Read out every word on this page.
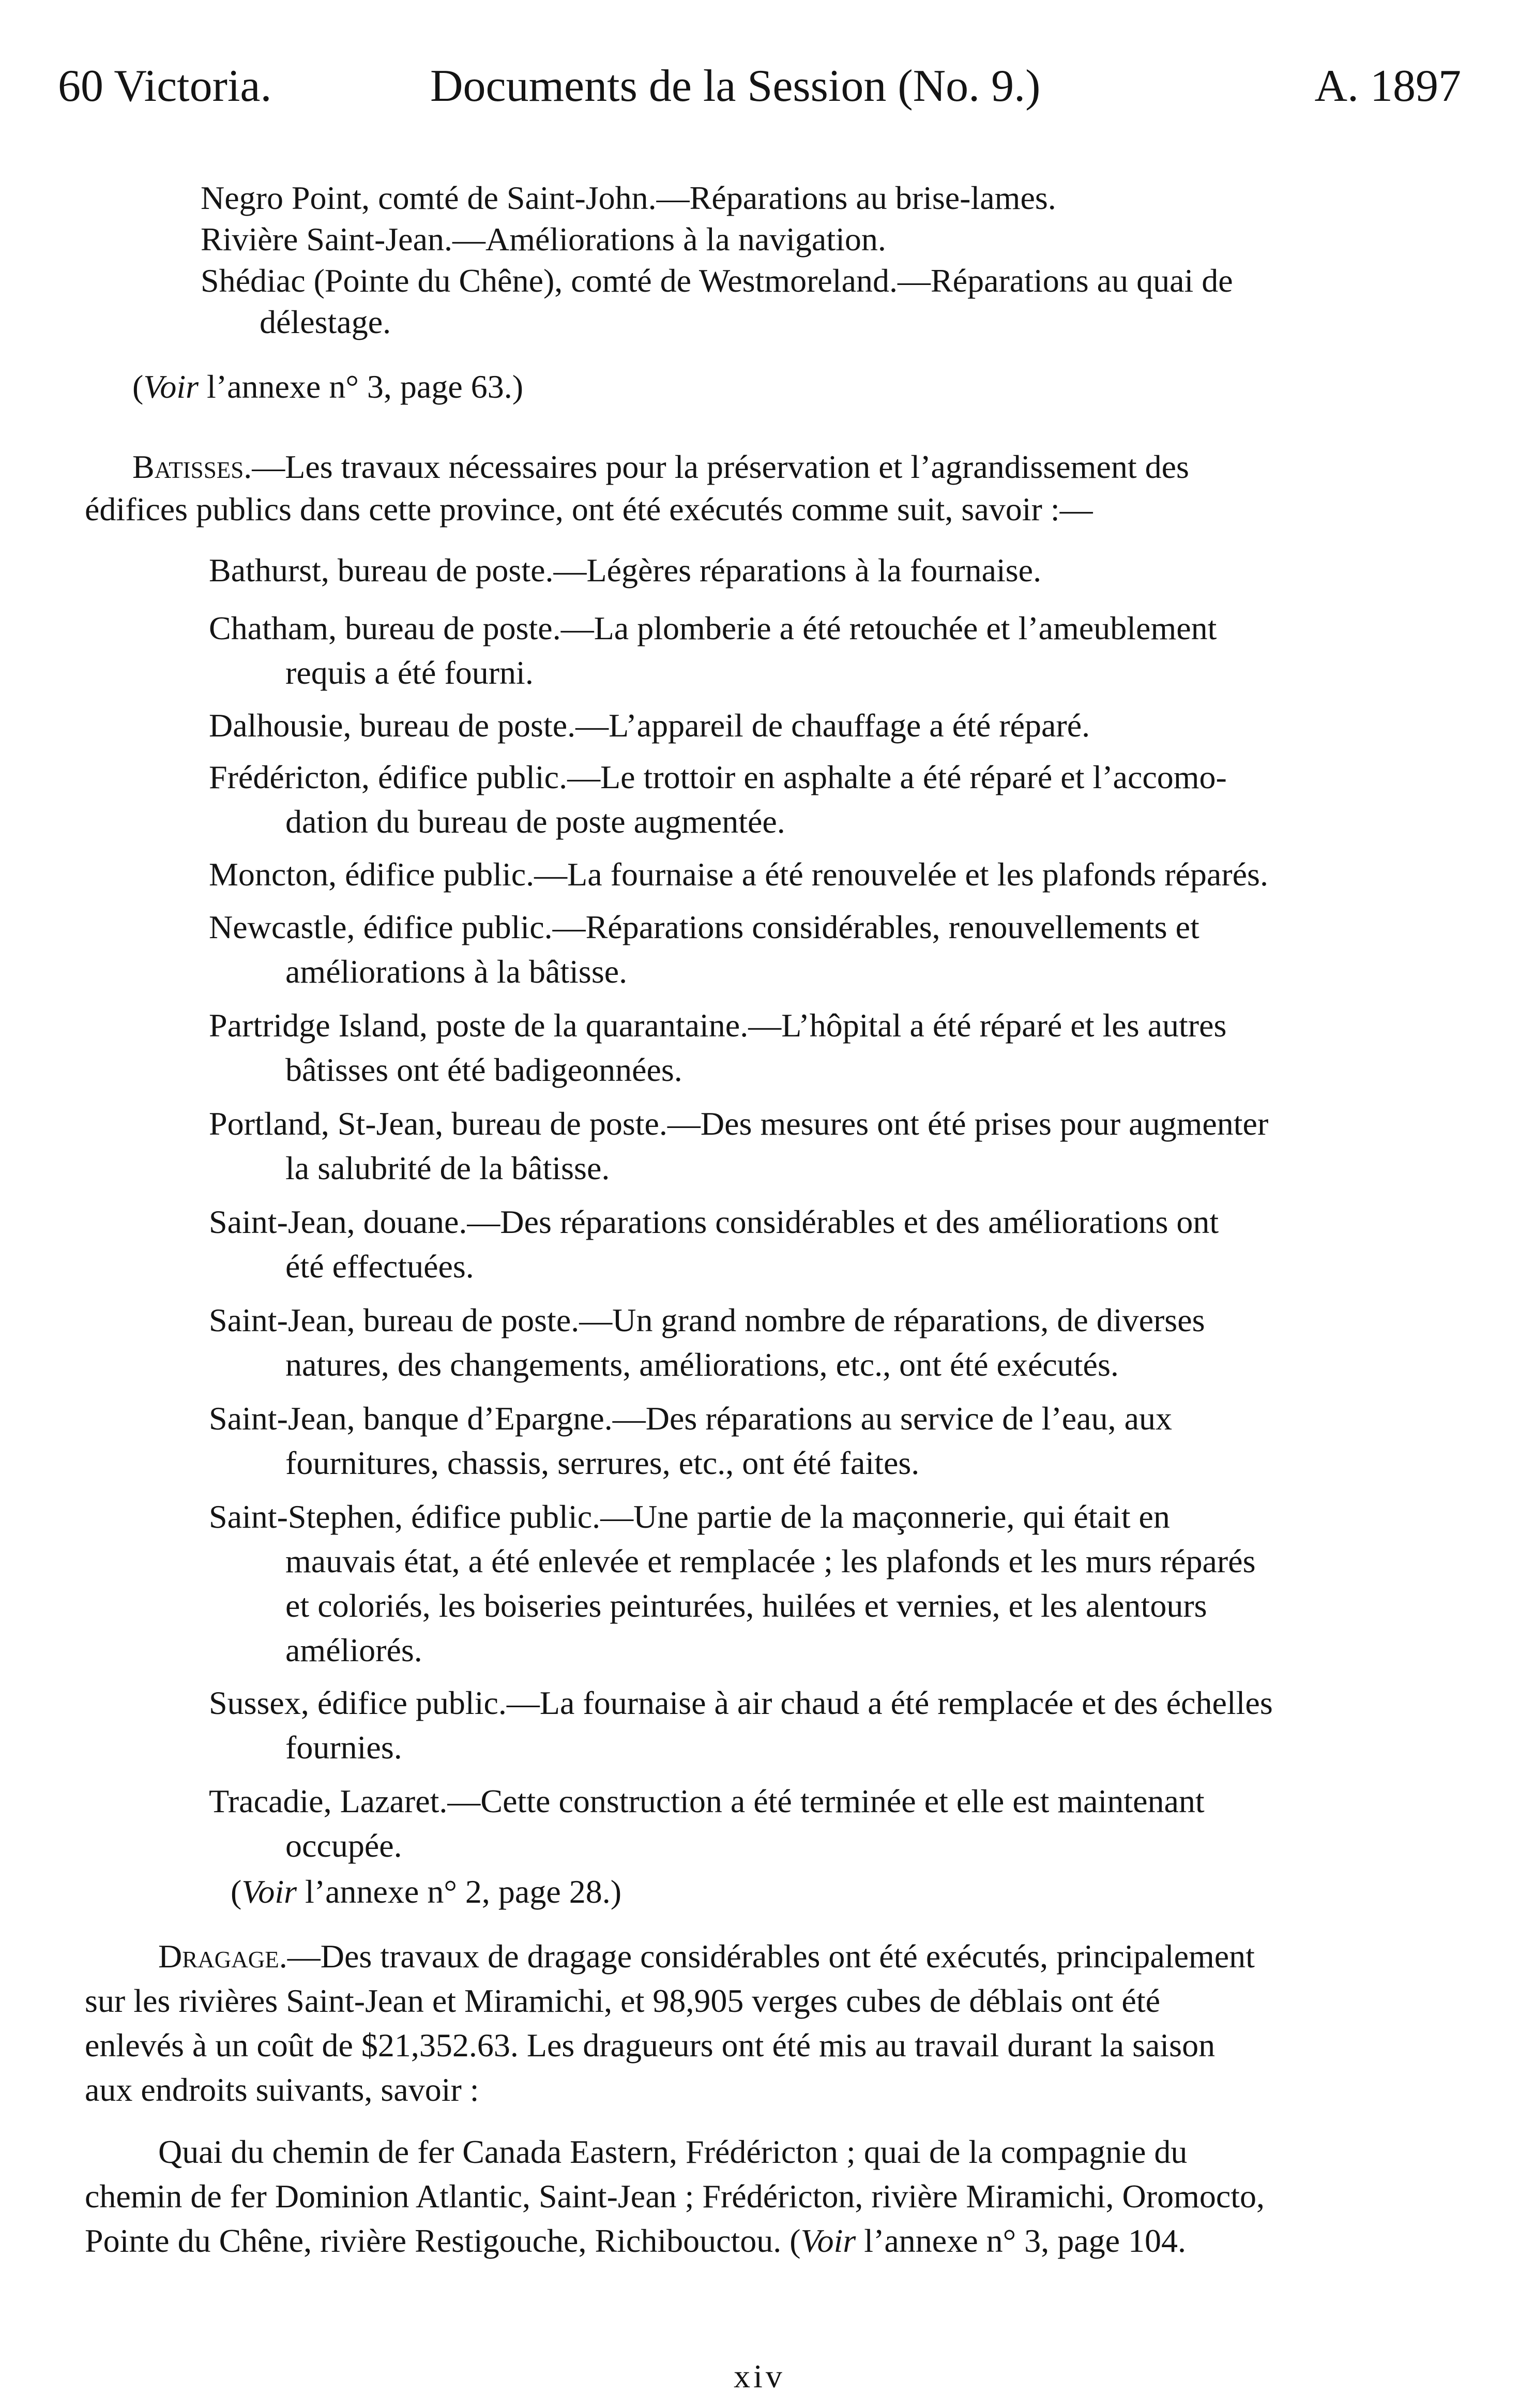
60 Victoria.	Documents de la Session (No. 9.)	A. 1897
Negro Point, comté de Saint-John.—Réparations au brise-lames.
Rivière Saint-Jean.—Améliorations à la navigation.
Shédiac (Pointe du Chêne), comté de Westmoreland.—Réparations au quai de
délestage.
(Voir l’annexe n° 3, page 63.)
Batisses.—Les travaux nécessaires pour la préservation et l’agrandissement des
édifices publics dans cette province, ont été exécutés comme suit, savoir :—
Bathurst, bureau de poste.—Légères réparations à la fournaise.
Chatham, bureau de poste.—La plomberie a été retouchée et l’ameublement
requis a été fourni.
Dalhousie, bureau de poste.—L’appareil de chauffage a été réparé.
Frédéricton, édifice public.—Le trottoir en asphalte a été réparé et l’accomo-
dation du bureau de poste augmentée.
Moncton, édifice public.—La fournaise a été renouvelée et les plafonds réparés.
Newcastle, édifice public.—Réparations considérables, renouvellements et
améliorations à la bâtisse.
Partridge Island, poste de la quarantaine.—L’hôpital a été réparé et les autres
bâtisses ont été badigeonnées.
Portland, St-Jean, bureau de poste.—Des mesures ont été prises pour augmenter
la salubrité de la bâtisse.
Saint-Jean, douane.—Des réparations considérables et des améliorations ont
été effectuées.
Saint-Jean, bureau de poste.—Un grand nombre de réparations, de diverses
natures, des changements, améliorations, etc., ont été exécutés.
Saint-Jean, banque d’Epargne.—Des réparations au service de l’eau, aux
fournitures, chassis, serrures, etc., ont été faites.
Saint-Stephen, édifice public.—Une partie de la maçonnerie, qui était en
mauvais état, a été enlevée et remplacée ; les plafonds et les murs réparés
et coloriés, les boiseries peinturées, huilées et vernies, et les alentours
améliorés.
Sussex, édifice public.—La fournaise à air chaud a été remplacée et des échelles
fournies.
Tracadie, Lazaret.—Cette construction a été terminée et elle est maintenant
occupée.
(Voir l’annexe n° 2, page 28.)
Dragage.—Des travaux de dragage considérables ont été exécutés, principalement
sur les rivières Saint-Jean et Miramichi, et 98,905 verges cubes de déblais ont été
enlevés à un coût de $21,352.63. Les dragueurs ont été mis au travail durant la saison
aux endroits suivants, savoir :
Quai du chemin de fer Canada Eastern, Frédéricton ; quai de la compagnie du
chemin de fer Dominion Atlantic, Saint-Jean ; Frédéricton, rivière Miramichi, Oromocto,
Pointe du Chêne, rivière Restigouche, Richibouctou. (Voir l’annexe n° 3, page 104.
xiv
